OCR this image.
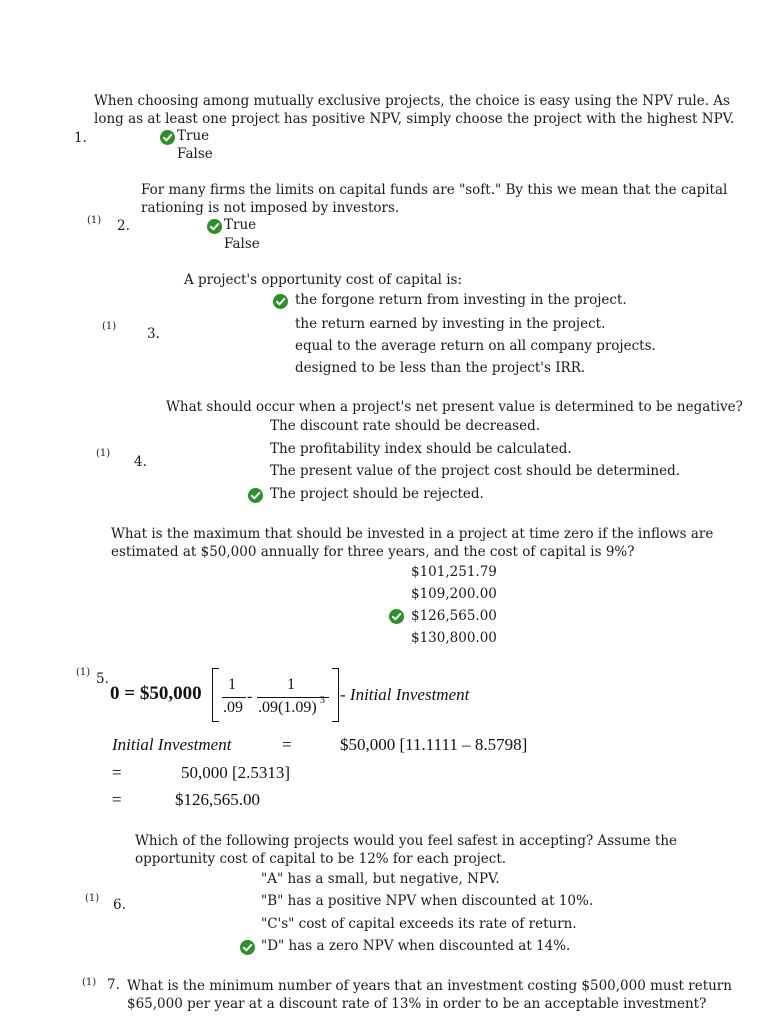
When choosing among mutually exclusive projects, the choice is easy using the NPV rule. As
long as at least one project has positive NPV, simply choose the project with the highest NPV.
1.	True
False
For many firms the limits on capital funds are "soft." By this we mean that the capital
rationing is not imposed by investors.
(1) 2.	True
False
A project's opportunity cost of capital is:
the forgone return from investing in the project.
the return earned by investing in the project.
(1) 3.
equal to the average return on all company projects.
designed to be less than the project's IRR.
What should occur when a project's net present value is determined to be negative?
The discount rate should be decreased.
The profitability index should be calculated.
(1)
4.
The present value of the project cost should be determined.
The project should be rejected.
What is the maximum that should be invested in a project at time zero if the inflows are
estimated at $50,000 annually for three years, and the cost of capital is 9%?
$101,251.79
$109,200.00
$126,565.00
$130,800.00
(1) 5.
0 = $50,000 1
.09
-
1
.09(1.09) 3 - Initial Investment
Initial Investment	=	$50,000 [11.1111 – 8.5798]
=	50,000 [2.5313]
=	$126,565.00
Which of the following projects would you feel safest in accepting? Assume the
opportunity cost of capital to be 12% for each project.
"A" has a small, but negative, NPV.
(1) 6.	"B" has a positive NPV when discounted at 10%.
"C's" cost of capital exceeds its rate of return.
"D" has a zero NPV when discounted at 14%.
(1) 7. What is the minimum number of years that an investment costing $500,000 must return
$65,000 per year at a discount rate of 13% in order to be an acceptable investment?
